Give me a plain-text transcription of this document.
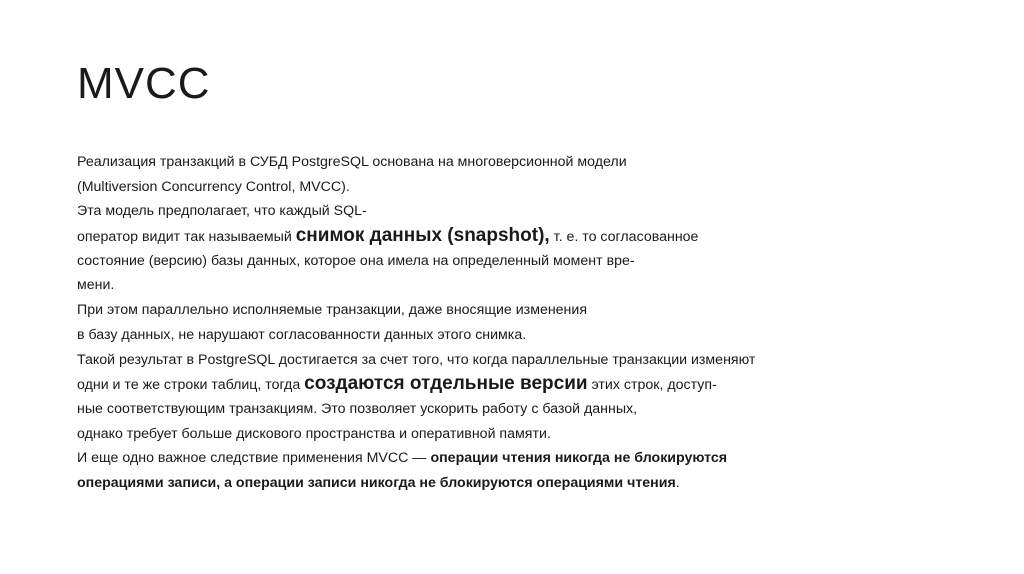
MVCC
Реализация транзакций в СУБД PostgreSQL основана на многоверсионной модели
(Multiversion Concurrency Control, MVCC).
Эта модель предполагает, что каждый SQL-
оператор видит так называемый снимок данных (snapshot), т. е. то согласованное
состояние (версию) базы данных, которое она имела на определенный момент вре-
мени.
При этом параллельно исполняемые транзакции, даже вносящие изменения
в базу данных, не нарушают согласованности данных этого снимка.
Такой результат в PostgreSQL достигается за счет того, что когда параллельные транзакции изменяют
одни и те же строки таблиц, тогда создаются отдельные версии этих строк, доступ-
ные соответствующим транзакциям. Это позволяет ускорить работу с базой данных,
однако требует больше дискового пространства и оперативной памяти.
И еще одно важное следствие применения MVCC — операции чтения никогда не блокируются
операциями записи, а операции записи никогда не блокируются операциями чтения.
